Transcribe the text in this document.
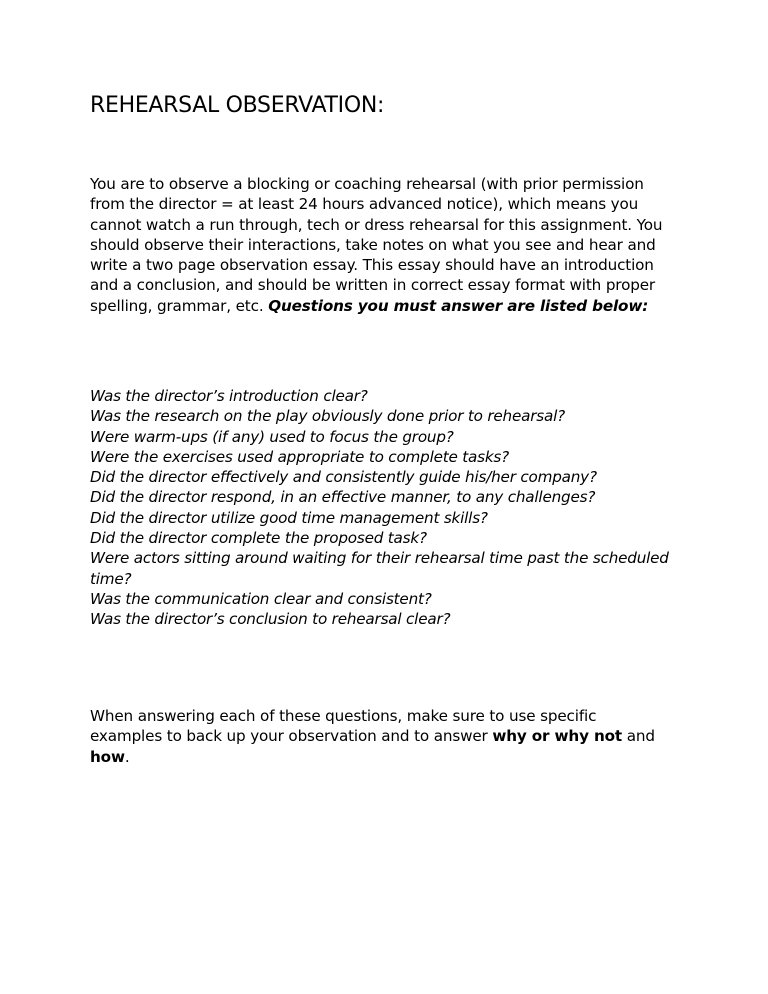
REHEARSAL OBSERVATION:

You are to observe a blocking or coaching rehearsal (with prior permission from the director = at least 24 hours advanced notice), which means you cannot watch a run through, tech or dress rehearsal for this assignment. You should observe their interactions, take notes on what you see and hear and write a two page observation essay. This essay should have an introduction and a conclusion, and should be written in correct essay format with proper spelling, grammar, etc. Questions you must answer are listed below:

Was the director’s introduction clear?
Was the research on the play obviously done prior to rehearsal?
Were warm-ups (if any) used to focus the group?
Were the exercises used appropriate to complete tasks?
Did the director effectively and consistently guide his/her company?
Did the director respond, in an effective manner, to any challenges?
Did the director utilize good time management skills?
Did the director complete the proposed task?
Were actors sitting around waiting for their rehearsal time past the scheduled time?
Was the communication clear and consistent?
Was the director’s conclusion to rehearsal clear?

When answering each of these questions, make sure to use specific examples to back up your observation and to answer why or why not and how.
